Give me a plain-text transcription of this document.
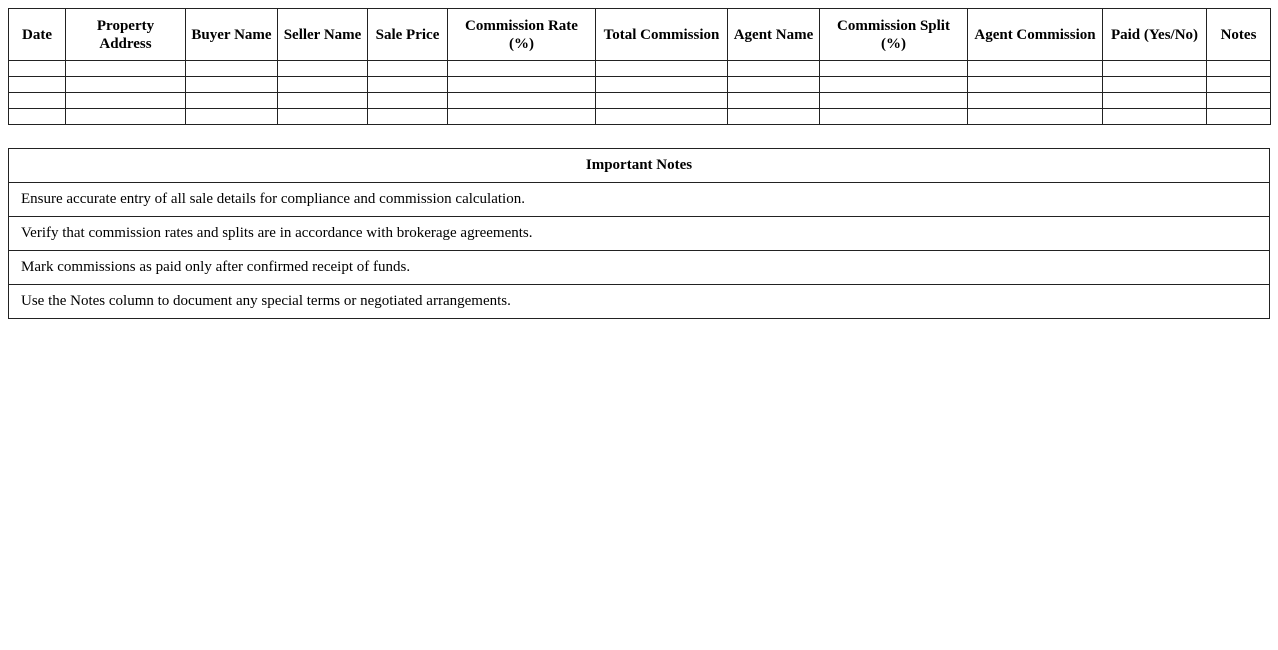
Date	Property Address	Buyer Name	Seller Name	Sale Price	Commission Rate (%)	Total Commission	Agent Name	Commission Split (%)	Agent Commission	Paid (Yes/No)	Notes

Important Notes
Ensure accurate entry of all sale details for compliance and commission calculation.
Verify that commission rates and splits are in accordance with brokerage agreements.
Mark commissions as paid only after confirmed receipt of funds.
Use the Notes column to document any special terms or negotiated arrangements.
